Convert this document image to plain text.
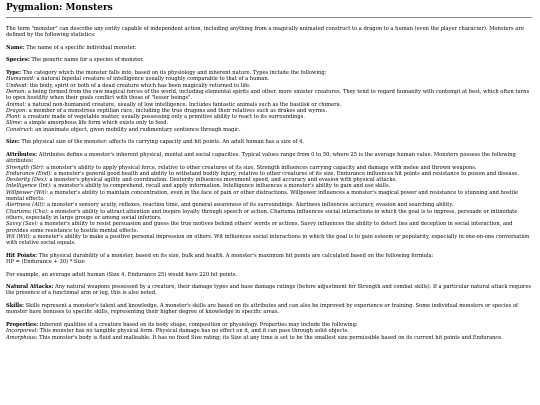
Pygmalion: Monsters

The term "monster" can describe any entity capable of independent action, including anything from a magically animated construct to a dragon to a human (even the player character). Monsters are defined by the following statistics:

Name: The name of a specific individual monster.

Species: The generic name for a species of monster.

Type: The category which the monster falls into, based on its physiology and inherent nature. Types include the following:

Humanoid: a natural bipedal creature of intelligence usually roughly comparable to that of a human.

Undead: the body, spirit or both of a dead creature which has been magically returned to life.

Demon: a being formed from the raw magical forces of the world, including elemental spirits and other, more sinister creatures. They tend to regard humanity with contempt at best, which often turns to open hostility when their goals conflict with those of "lesser beings".

Animal: a natural non-humanoid creature, usually of low intelligence. Includes fantastic animals such as the basilisk or chimera.

Dragon: a member of a monstrous reptilian race, including the true dragons and their relatives such as drakes and wyrms.

Plant: a creature made of vegetable matter, usually possessing only a primitive ability to react to its surroundings.

Slime: a simple amorphous life form which exists only to feed.

Construct: an inanimate object, given mobility and rudimentary sentience through magic.

Size: The physical size of the monster: affects its carrying capacity and hit points. An adult human has a size of 4.

Attributes: Attributes define a monster's inherent physical, mental and social capacities. Typical values range from 0 to 50, where 25 is the average human value. Monsters possess the following attributes:

Strength (Str): a monster's ability to apply physical force, relative to other creatures of its size. Strength influences carrying capacity and damage with melee and thrown weapons.

Endurance (End): a monster's general good health and ability to withstand bodily injury, relative to other creatures of its size. Endurance influences hit points and resistance to poison and disease.

Dexterity (Dex): a monster's physical agility and coordination. Dexterity influences movement speed, and accuracy and evasion with physical attacks.

Intelligence (Int): a monster's ability to comprehend, recall and apply information. Intelligence influences a monster's ability to gain and use skills.

Willpower (Wil): a monster's ability to maintain concentration, even in the face of pain or other distractions. Willpower influences a monster's magical power and resistance to stunning and hostile mental effects.

Alertness (Alt): a monster's sensory acuity, reflexes, reaction time, and general awareness of its surroundings. Alertness influences accuracy, evasion and searching ability.

Charisma (Cha): a monster's ability to attract attention and inspire loyalty through speech or action. Charisma influences social interactions in which the goal is to impress, persuade or intimidate others, especially in large groups or among social inferiors.

Savvy (Sav): a monster's ability to resist persuasion and guess the true motives behind others' words or actions. Savvy influences the ability to detect lies and deception in social interaction, and provides some resistance to hostile mental effects.

Wit (Wit): a monster's ability to make a positive personal impression on others. Wit influences social interactions in which the goal is to gain esteem or popularity, especially in one-on-one conversation with relative social equals.

Hit Points: The physical durability of a monster, based on its size, bulk and health. A monster's maximum hit points are calculated based on the following formula:

HP = (Endurance + 30) * Size

For example, an average adult human (Size 4, Endurance 25) would have 220 hit points.

Natural Attacks: Any natural weapons possessed by a creature, their damage types and base damage ratings (before adjustment for Strength and combat skills). If a particular natural attack requires the presence of a functional arm or leg, this is also noted.

Skills: Skills represent a monster's talent and knowledge. A monster's skills are based on its attributes and can also be improved by experience or training. Some individual monsters or species of monster have bonuses to specific skills, representing their higher degree of knowledge in specific areas.

Properties: Inherent qualities of a creature based on its body shape, composition or physiology. Properties may include the following:

Incorporeal: This monster has no tangible physical form. Physical damage has no effect on it, and it can pass through solid objects.

Amorphous: This monster's body is fluid and malleable. It has no fixed Size rating; its Size at any time is set to be the smallest size permissible based on its current hit points and Endurance.
